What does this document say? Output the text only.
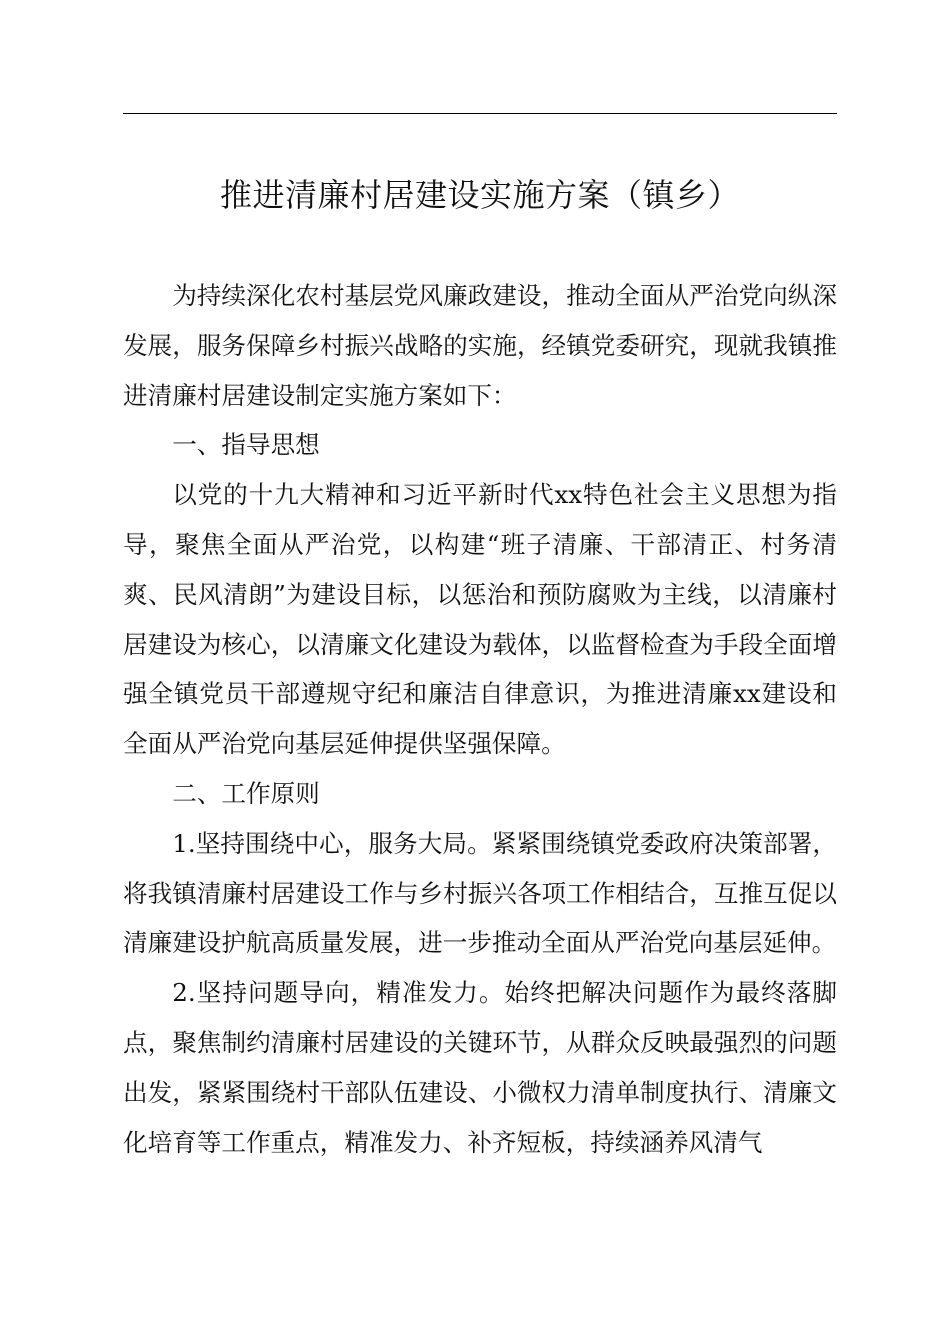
推进清廉村居建设实施方案（镇乡）

为持续深化农村基层党风廉政建设，推动全面从严治党向纵深发展，服务保障乡村振兴战略的实施，经镇党委研究，现就我镇推进清廉村居建设制定实施方案如下：

一、指导思想

以党的十九大精神和习近平新时代xx特色社会主义思想为指导，聚焦全面从严治党，以构建“班子清廉、干部清正、村务清爽、民风清朗”为建设目标，以惩治和预防腐败为主线，以清廉村居建设为核心，以清廉文化建设为载体，以监督检查为手段全面增强全镇党员干部遵规守纪和廉洁自律意识，为推进清廉xx建设和全面从严治党向基层延伸提供坚强保障。

二、工作原则

1.坚持围绕中心，服务大局。紧紧围绕镇党委政府决策部署，将我镇清廉村居建设工作与乡村振兴各项工作相结合，互推互促以清廉建设护航高质量发展，进一步推动全面从严治党向基层延伸。

2.坚持问题导向，精准发力。始终把解决问题作为最终落脚点，聚焦制约清廉村居建设的关键环节，从群众反映最强烈的问题出发，紧紧围绕村干部队伍建设、小微权力清单制度执行、清廉文化培育等工作重点，精准发力、补齐短板，持续涵养风清气
